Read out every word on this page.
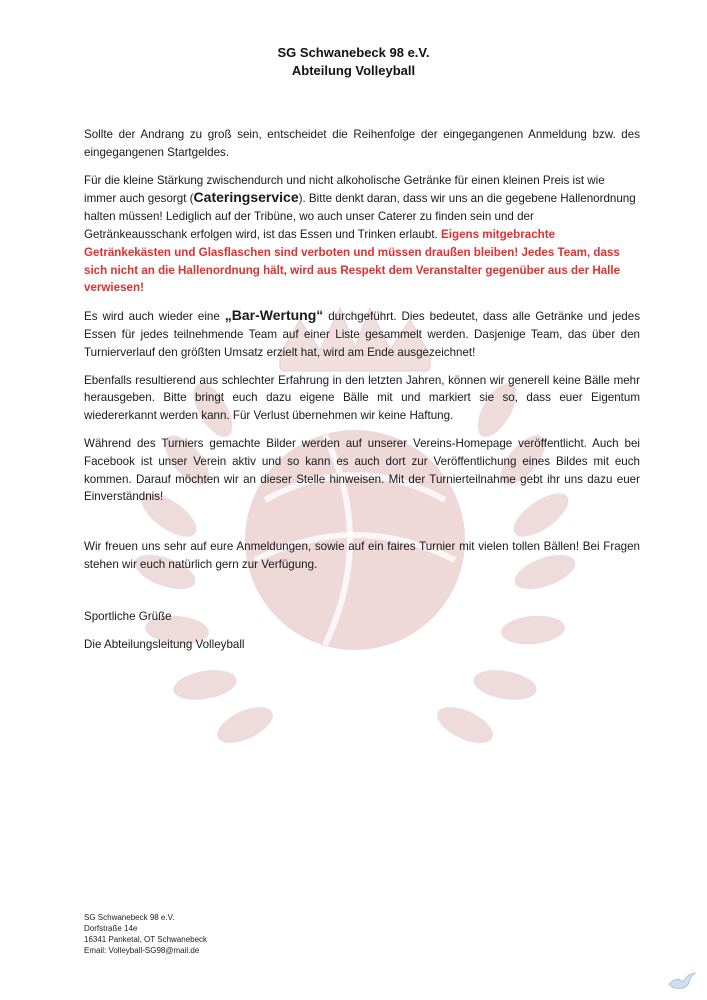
SG Schwanebeck 98 e.V.
Abteilung Volleyball

Sollte der Andrang zu groß sein, entscheidet die Reihenfolge der eingegangenen Anmeldung bzw. des eingegangenen Startgeldes.

Für die kleine Stärkung zwischendurch und nicht alkoholische Getränke für einen kleinen Preis ist wie immer auch gesorgt (Cateringservice). Bitte denkt daran, dass wir uns an die gegebene Hallenordnung halten müssen! Lediglich auf der Tribüne, wo auch unser Caterer zu finden sein und der Getränkeausschank erfolgen wird, ist das Essen und Trinken erlaubt. Eigens mitgebrachte Getränkekästen und Glasflaschen sind verboten und müssen draußen bleiben! Jedes Team, dass sich nicht an die Hallenordnung hält, wird aus Respekt dem Veranstalter gegenüber aus der Halle verwiesen!

Es wird auch wieder eine „Bar-Wertung“ durchgeführt. Dies bedeutet, dass alle Getränke und jedes Essen für jedes teilnehmende Team auf einer Liste gesammelt werden. Dasjenige Team, das über den Turnierverlauf den größten Umsatz erzielt hat, wird am Ende ausgezeichnet!

Ebenfalls resultierend aus schlechter Erfahrung in den letzten Jahren, können wir generell keine Bälle mehr herausgeben. Bitte bringt euch dazu eigene Bälle mit und markiert sie so, dass euer Eigentum wiedererkannt werden kann. Für Verlust übernehmen wir keine Haftung.

Während des Turniers gemachte Bilder werden auf unserer Vereins-Homepage veröffentlicht. Auch bei Facebook ist unser Verein aktiv und so kann es auch dort zur Veröffentlichung eines Bildes mit euch kommen. Darauf möchten wir an dieser Stelle hinweisen. Mit der Turnierteilnahme gebt ihr uns dazu euer Einverständnis!

Wir freuen uns sehr auf eure Anmeldungen, sowie auf ein faires Turnier mit vielen tollen Bällen! Bei Fragen stehen wir euch natürlich gern zur Verfügung.

Sportliche Grüße

Die Abteilungsleitung Volleyball

SG Schwanebeck 98 e.V.
Dorfstraße 14e
16341 Panketal, OT Schwanebeck
Email: Volleyball-SG98@mail.de
